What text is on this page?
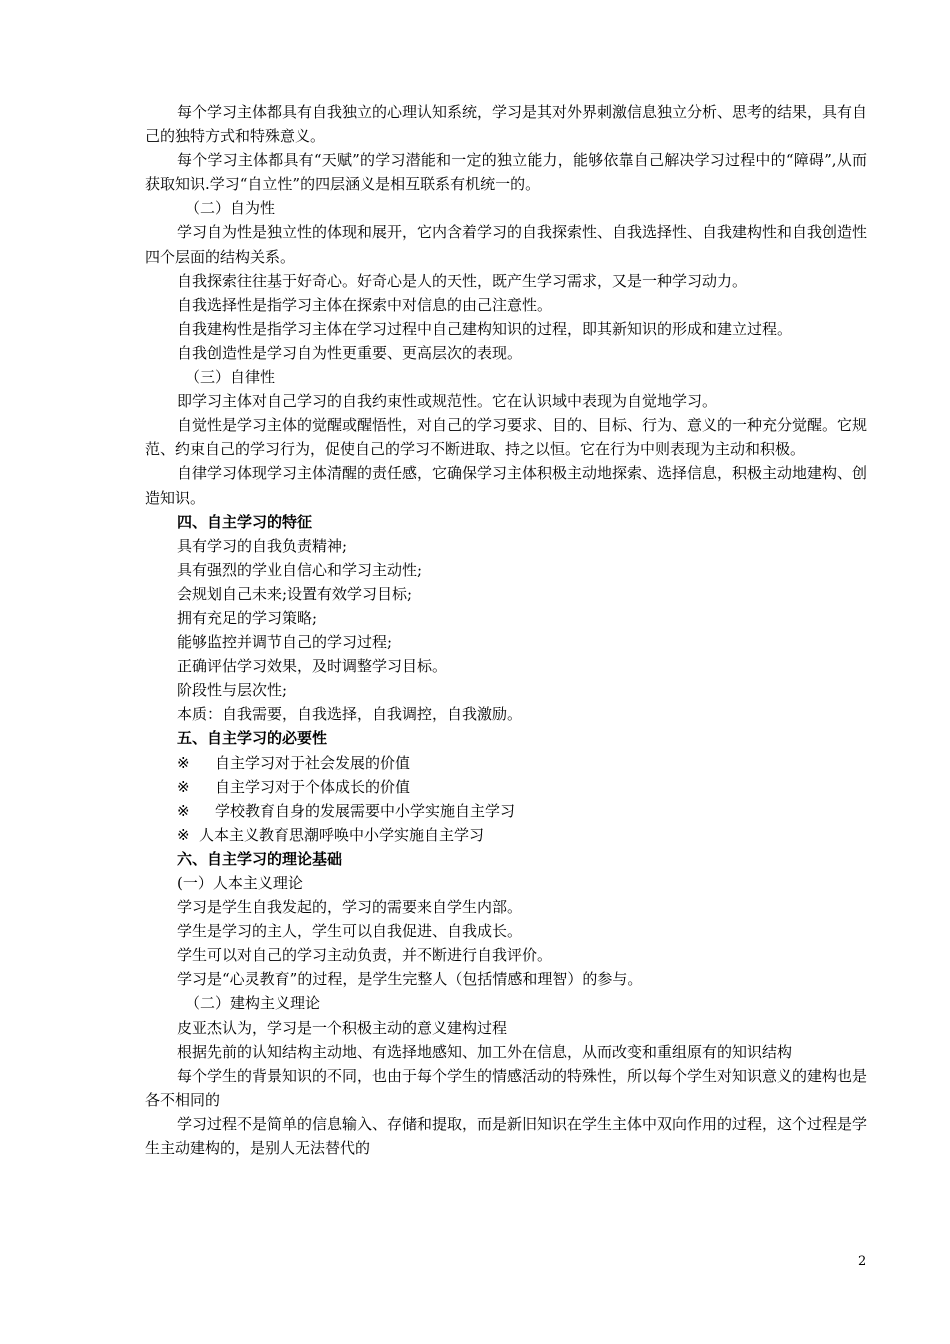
每个学习主体都具有自我独立的心理认知系统，学习是其对外界刺激信息独立分析、思考的结果，具有自己的独特方式和特殊意义。

每个学习主体都具有“天赋”的学习潜能和一定的独立能力，能够依靠自己解决学习过程中的“障碍”,从而获取知识.学习“自立性”的四层涵义是相互联系有机统一的。

（二）自为性

学习自为性是独立性的体现和展开，它内含着学习的自我探索性、自我选择性、自我建构性和自我创造性四个层面的结构关系。

自我探索往往基于好奇心。好奇心是人的天性，既产生学习需求，又是一种学习动力。

自我选择性是指学习主体在探索中对信息的由己注意性。

自我建构性是指学习主体在学习过程中自己建构知识的过程，即其新知识的形成和建立过程。

自我创造性是学习自为性更重要、更高层次的表现。

（三）自律性

即学习主体对自己学习的自我约束性或规范性。它在认识域中表现为自觉地学习。

自觉性是学习主体的觉醒或醒悟性，对自己的学习要求、目的、目标、行为、意义的一种充分觉醒。它规范、约束自己的学习行为，促使自己的学习不断进取、持之以恒。它在行为中则表现为主动和积极。

自律学习体现学习主体清醒的责任感，它确保学习主体积极主动地探索、选择信息，积极主动地建构、创造知识。

四、自主学习的特征

具有学习的自我负责精神;

具有强烈的学业自信心和学习主动性;

会规划自己未来;设置有效学习目标;

拥有充足的学习策略;

能够监控并调节自己的学习过程;

正确评估学习效果，及时调整学习目标。

阶段性与层次性;

本质：自我需要，自我选择，自我调控，自我激励。

五、自主学习的必要性

※ 自主学习对于社会发展的价值

※ 自主学习对于个体成长的价值

※ 学校教育自身的发展需要中小学实施自主学习

※ 人本主义教育思潮呼唤中小学实施自主学习

六、自主学习的理论基础

(一）人本主义理论

学习是学生自我发起的，学习的需要来自学生内部。

学生是学习的主人，学生可以自我促进、自我成长。

学生可以对自己的学习主动负责，并不断进行自我评价。

学习是“心灵教育”的过程，是学生完整人（包括情感和理智）的参与。

（二）建构主义理论

皮亚杰认为，学习是一个积极主动的意义建构过程

根据先前的认知结构主动地、有选择地感知、加工外在信息，从而改变和重组原有的知识结构

每个学生的背景知识的不同，也由于每个学生的情感活动的特殊性，所以每个学生对知识意义的建构也是各不相同的

学习过程不是简单的信息输入、存储和提取，而是新旧知识在学生主体中双向作用的过程，这个过程是学生主动建构的，是别人无法替代的

2
